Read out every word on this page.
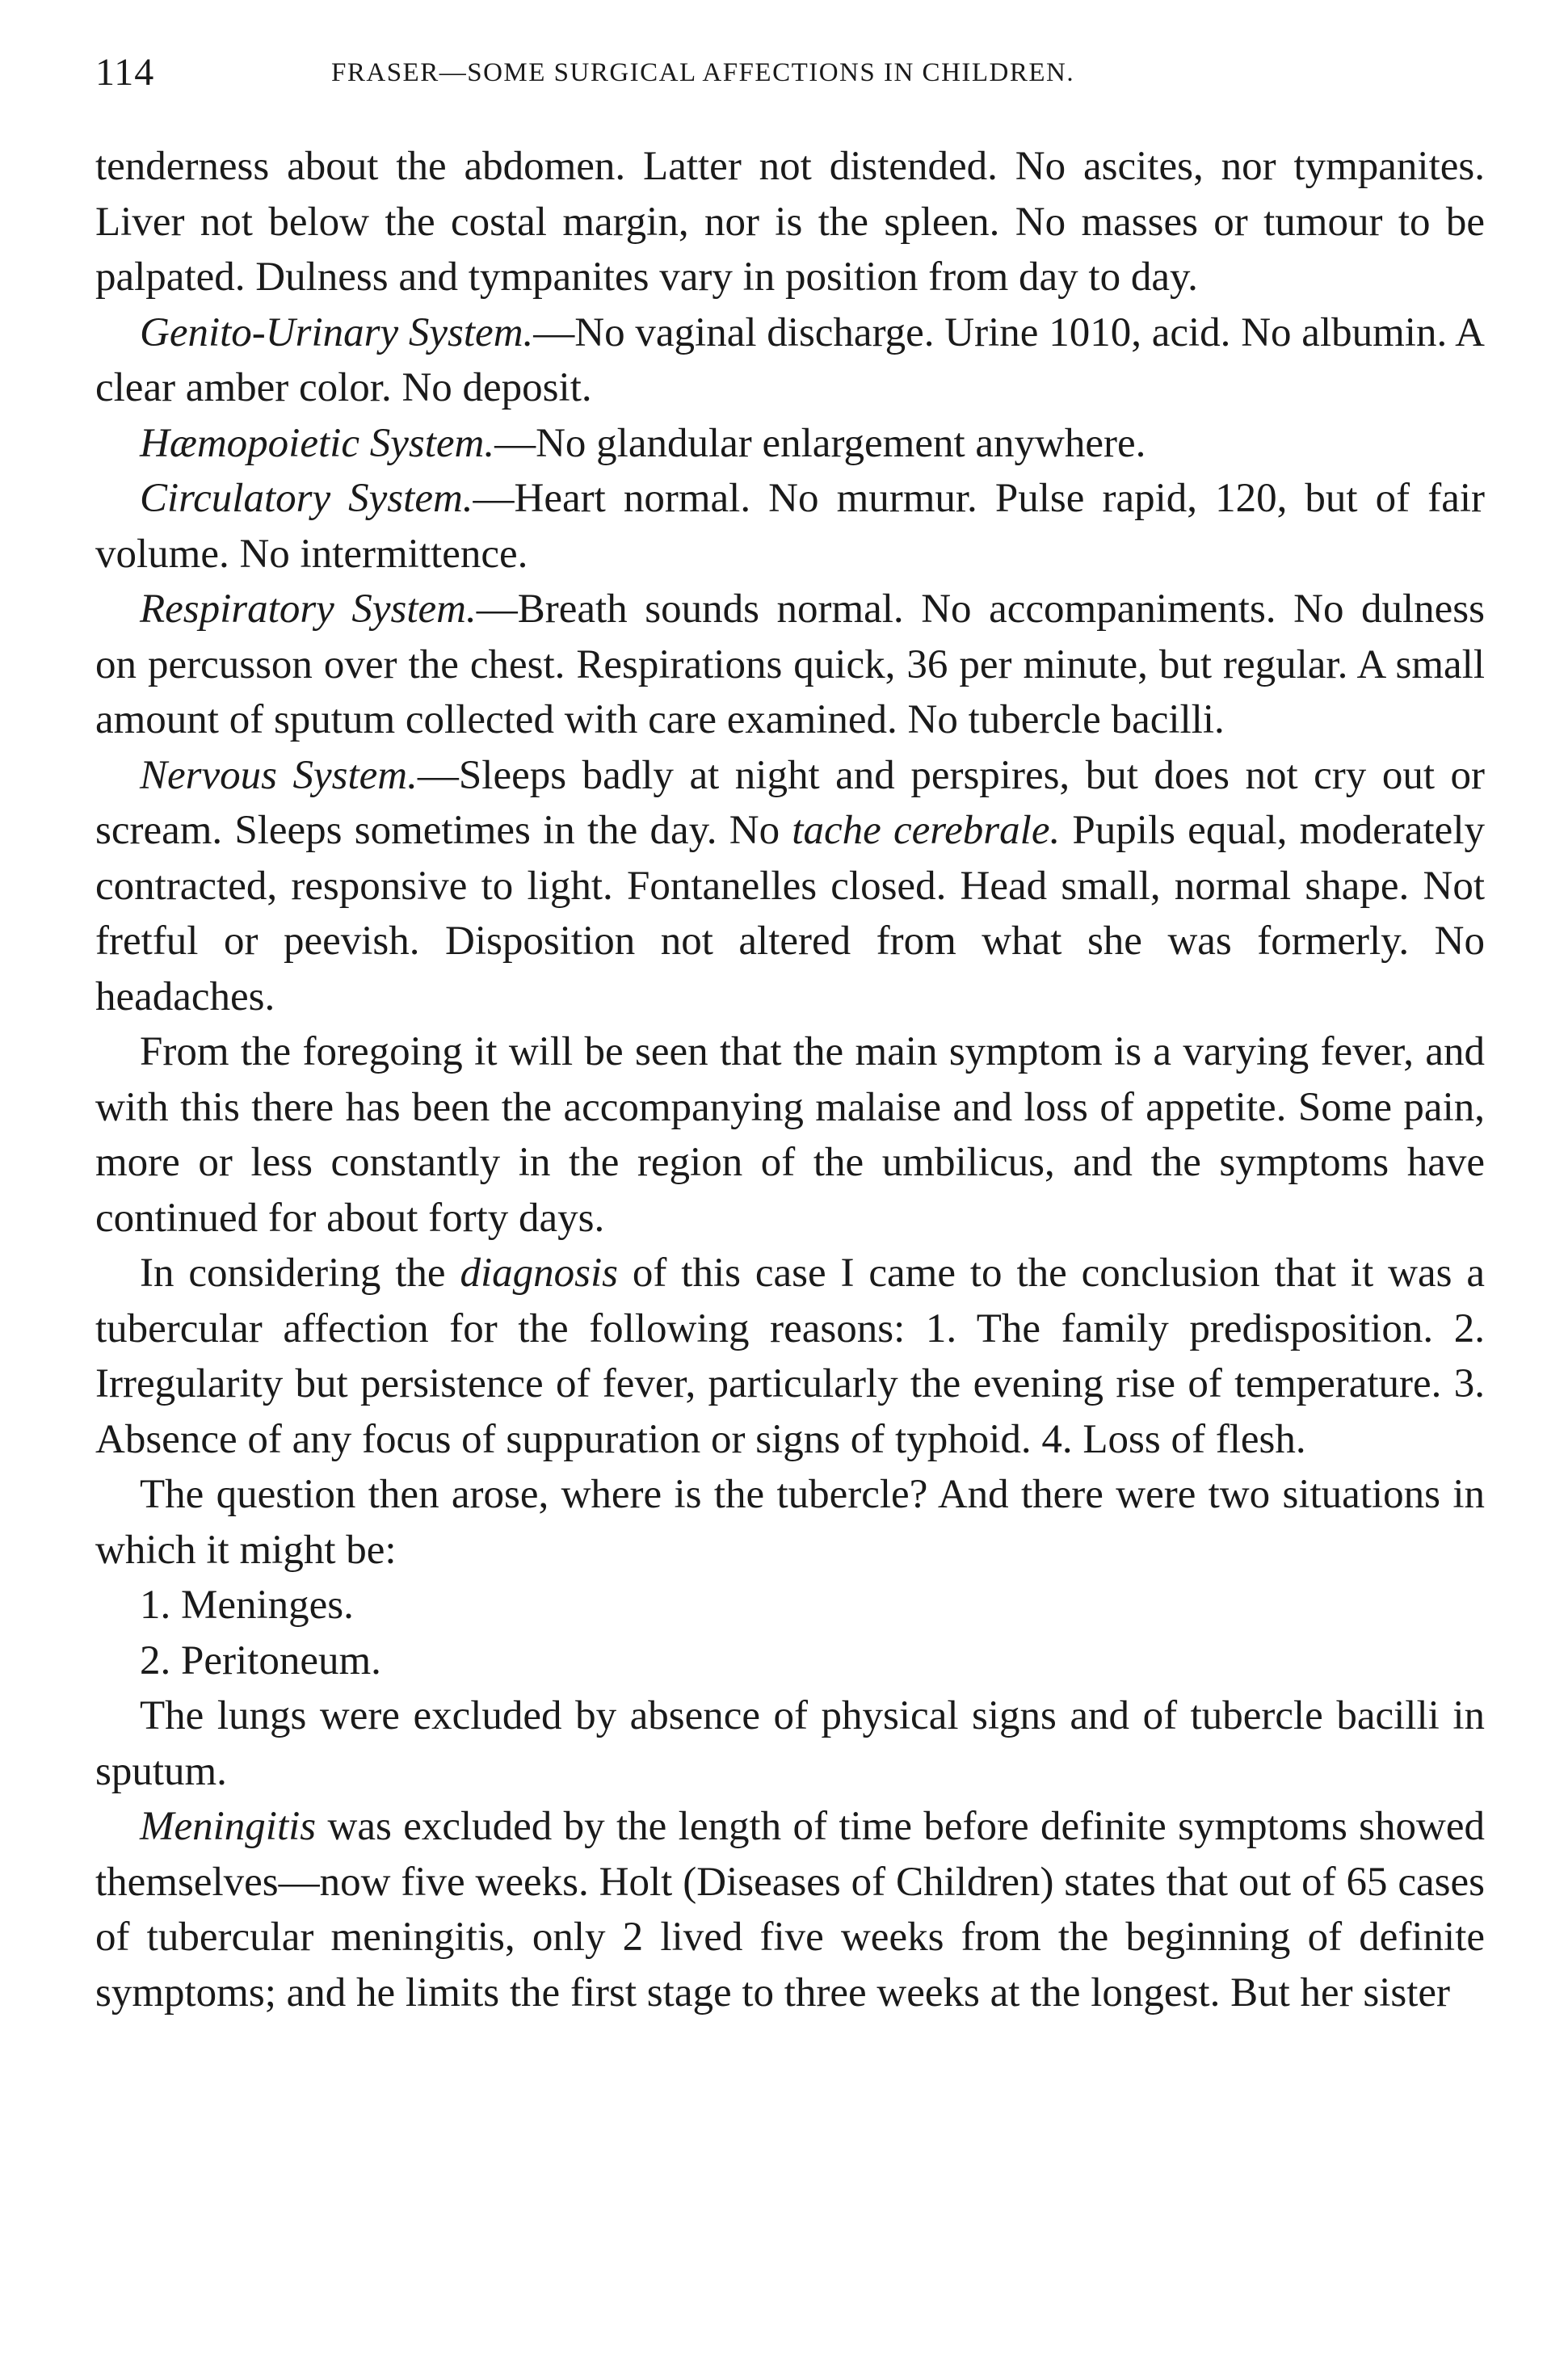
114	FRASER—SOME SURGICAL AFFECTIONS IN CHILDREN.

tenderness about the abdomen. Latter not distended. No ascites, nor tympanites. Liver not below the costal margin, nor is the spleen. No masses or tumour to be palpated. Dulness and tympanites vary in position from day to day.

Genito-Urinary System.—No vaginal discharge. Urine 1010, acid. No albumin. A clear amber color. No deposit.

Hæmopoietic System.—No glandular enlargement anywhere.

Circulatory System.—Heart normal. No murmur. Pulse rapid, 120, but of fair volume. No intermittence.

Respiratory System.—Breath sounds normal. No accompaniments. No dulness on percusson over the chest. Respirations quick, 36 per minute, but regular. A small amount of sputum collected with care examined. No tubercle bacilli.

Nervous System.—Sleeps badly at night and perspires, but does not cry out or scream. Sleeps sometimes in the day. No tache cerebrale. Pupils equal, moderately contracted, responsive to light. Fontanelles closed. Head small, normal shape. Not fretful or peevish. Disposition not altered from what she was formerly. No headaches.

From the foregoing it will be seen that the main symptom is a varying fever, and with this there has been the accompanying malaise and loss of appetite. Some pain, more or less constantly in the region of the umbilicus, and the symptoms have continued for about forty days.

In considering the diagnosis of this case I came to the conclusion that it was a tubercular affection for the following reasons: 1. The family predisposition. 2. Irregularity but persistence of fever, particularly the evening rise of temperature. 3. Absence of any focus of suppuration or signs of typhoid. 4. Loss of flesh.

The question then arose, where is the tubercle? And there were two situations in which it might be:

1. Meninges.

2. Peritoneum.

The lungs were excluded by absence of physical signs and of tubercle bacilli in sputum.

Meningitis was excluded by the length of time before definite symptoms showed themselves—now five weeks. Holt (Diseases of Children) states that out of 65 cases of tubercular meningitis, only 2 lived five weeks from the beginning of definite symptoms; and he limits the first stage to three weeks at the longest. But her sister
